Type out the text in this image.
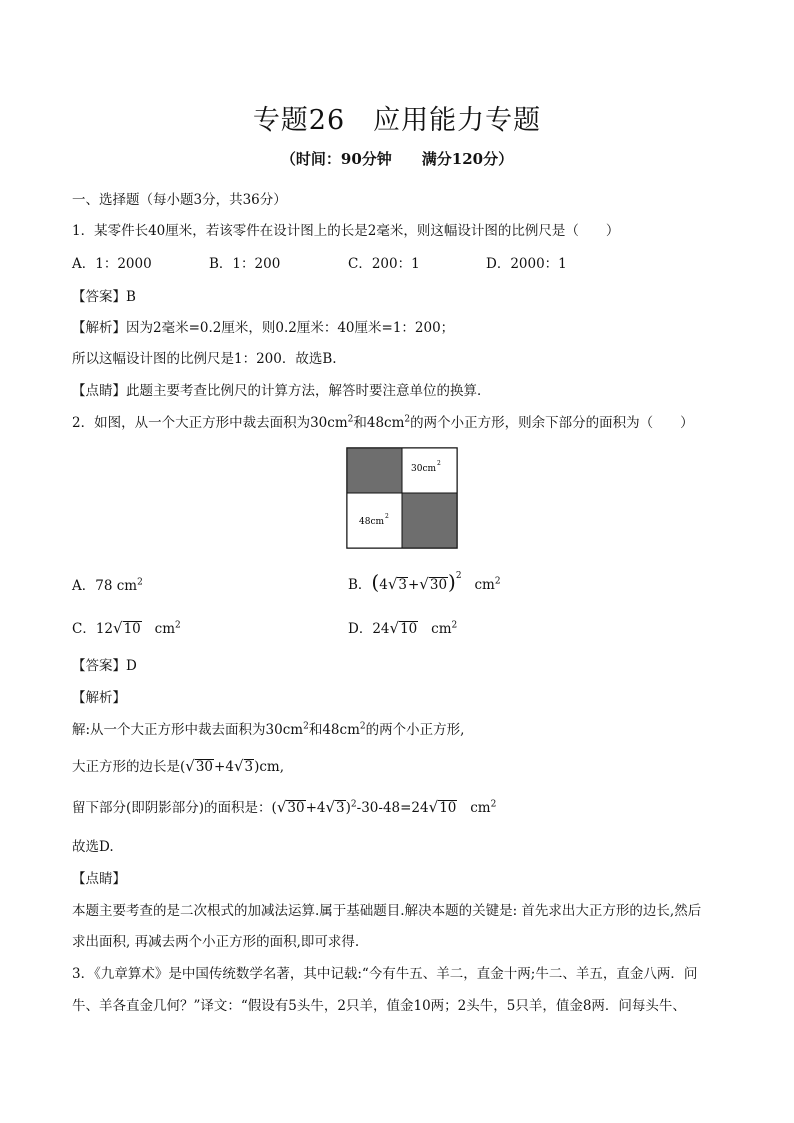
专题26　应用能力专题
（时间：90分钟　　满分120分）
一、选择题（每小题3分，共36分）
1．某零件长40厘米，若该零件在设计图上的长是2毫米，则这幅设计图的比例尺是（　　）
A．1：2000	B．1：200	C．200：1	D．2000：1
【答案】B
【解析】因为2毫米=0.2厘米，则0.2厘米：40厘米=1：200；
所以这幅设计图的比例尺是1：200．故选B.
【点睛】此题主要考查比例尺的计算方法，解答时要注意单位的换算．
2．如图，从一个大正方形中裁去面积为$30cm^2$和$48cm^2$的两个小正方形，则余下部分的面积为（　　）
30cm
2
48cm
2
A．78 $cm^2$	B．$(4√3+√30)^2$   $cm^2$
C．12√10 $cm^2$	D．24√10 $cm^2$
【答案】D
【解析】
解:从一个大正方形中裁去面积为$30cm^2$和$48cm^2$的两个小正方形,
大正方形的边长是(√30+4√3)cm,
留下部分(即阴影部分)的面积是：$(√30+4√3)^2-30-48=24√10$ $cm^2$
故选D.
【点睛】
本题主要考查的是二次根式的加减法运算.属于基础题目.解决本题的关键是: 首先求出大正方形的边长,然后
求出面积, 再减去两个小正方形的面积,即可求得.
3．《九章算术》是中国传统数学名著，其中记载:“今有牛五、羊二，直金十两;牛二、羊五，直金八两．问
牛、羊各直金几何？”译文：“假设有5头牛，2只羊，值金10两；2头牛，5只羊，值金8两．问每头牛、
